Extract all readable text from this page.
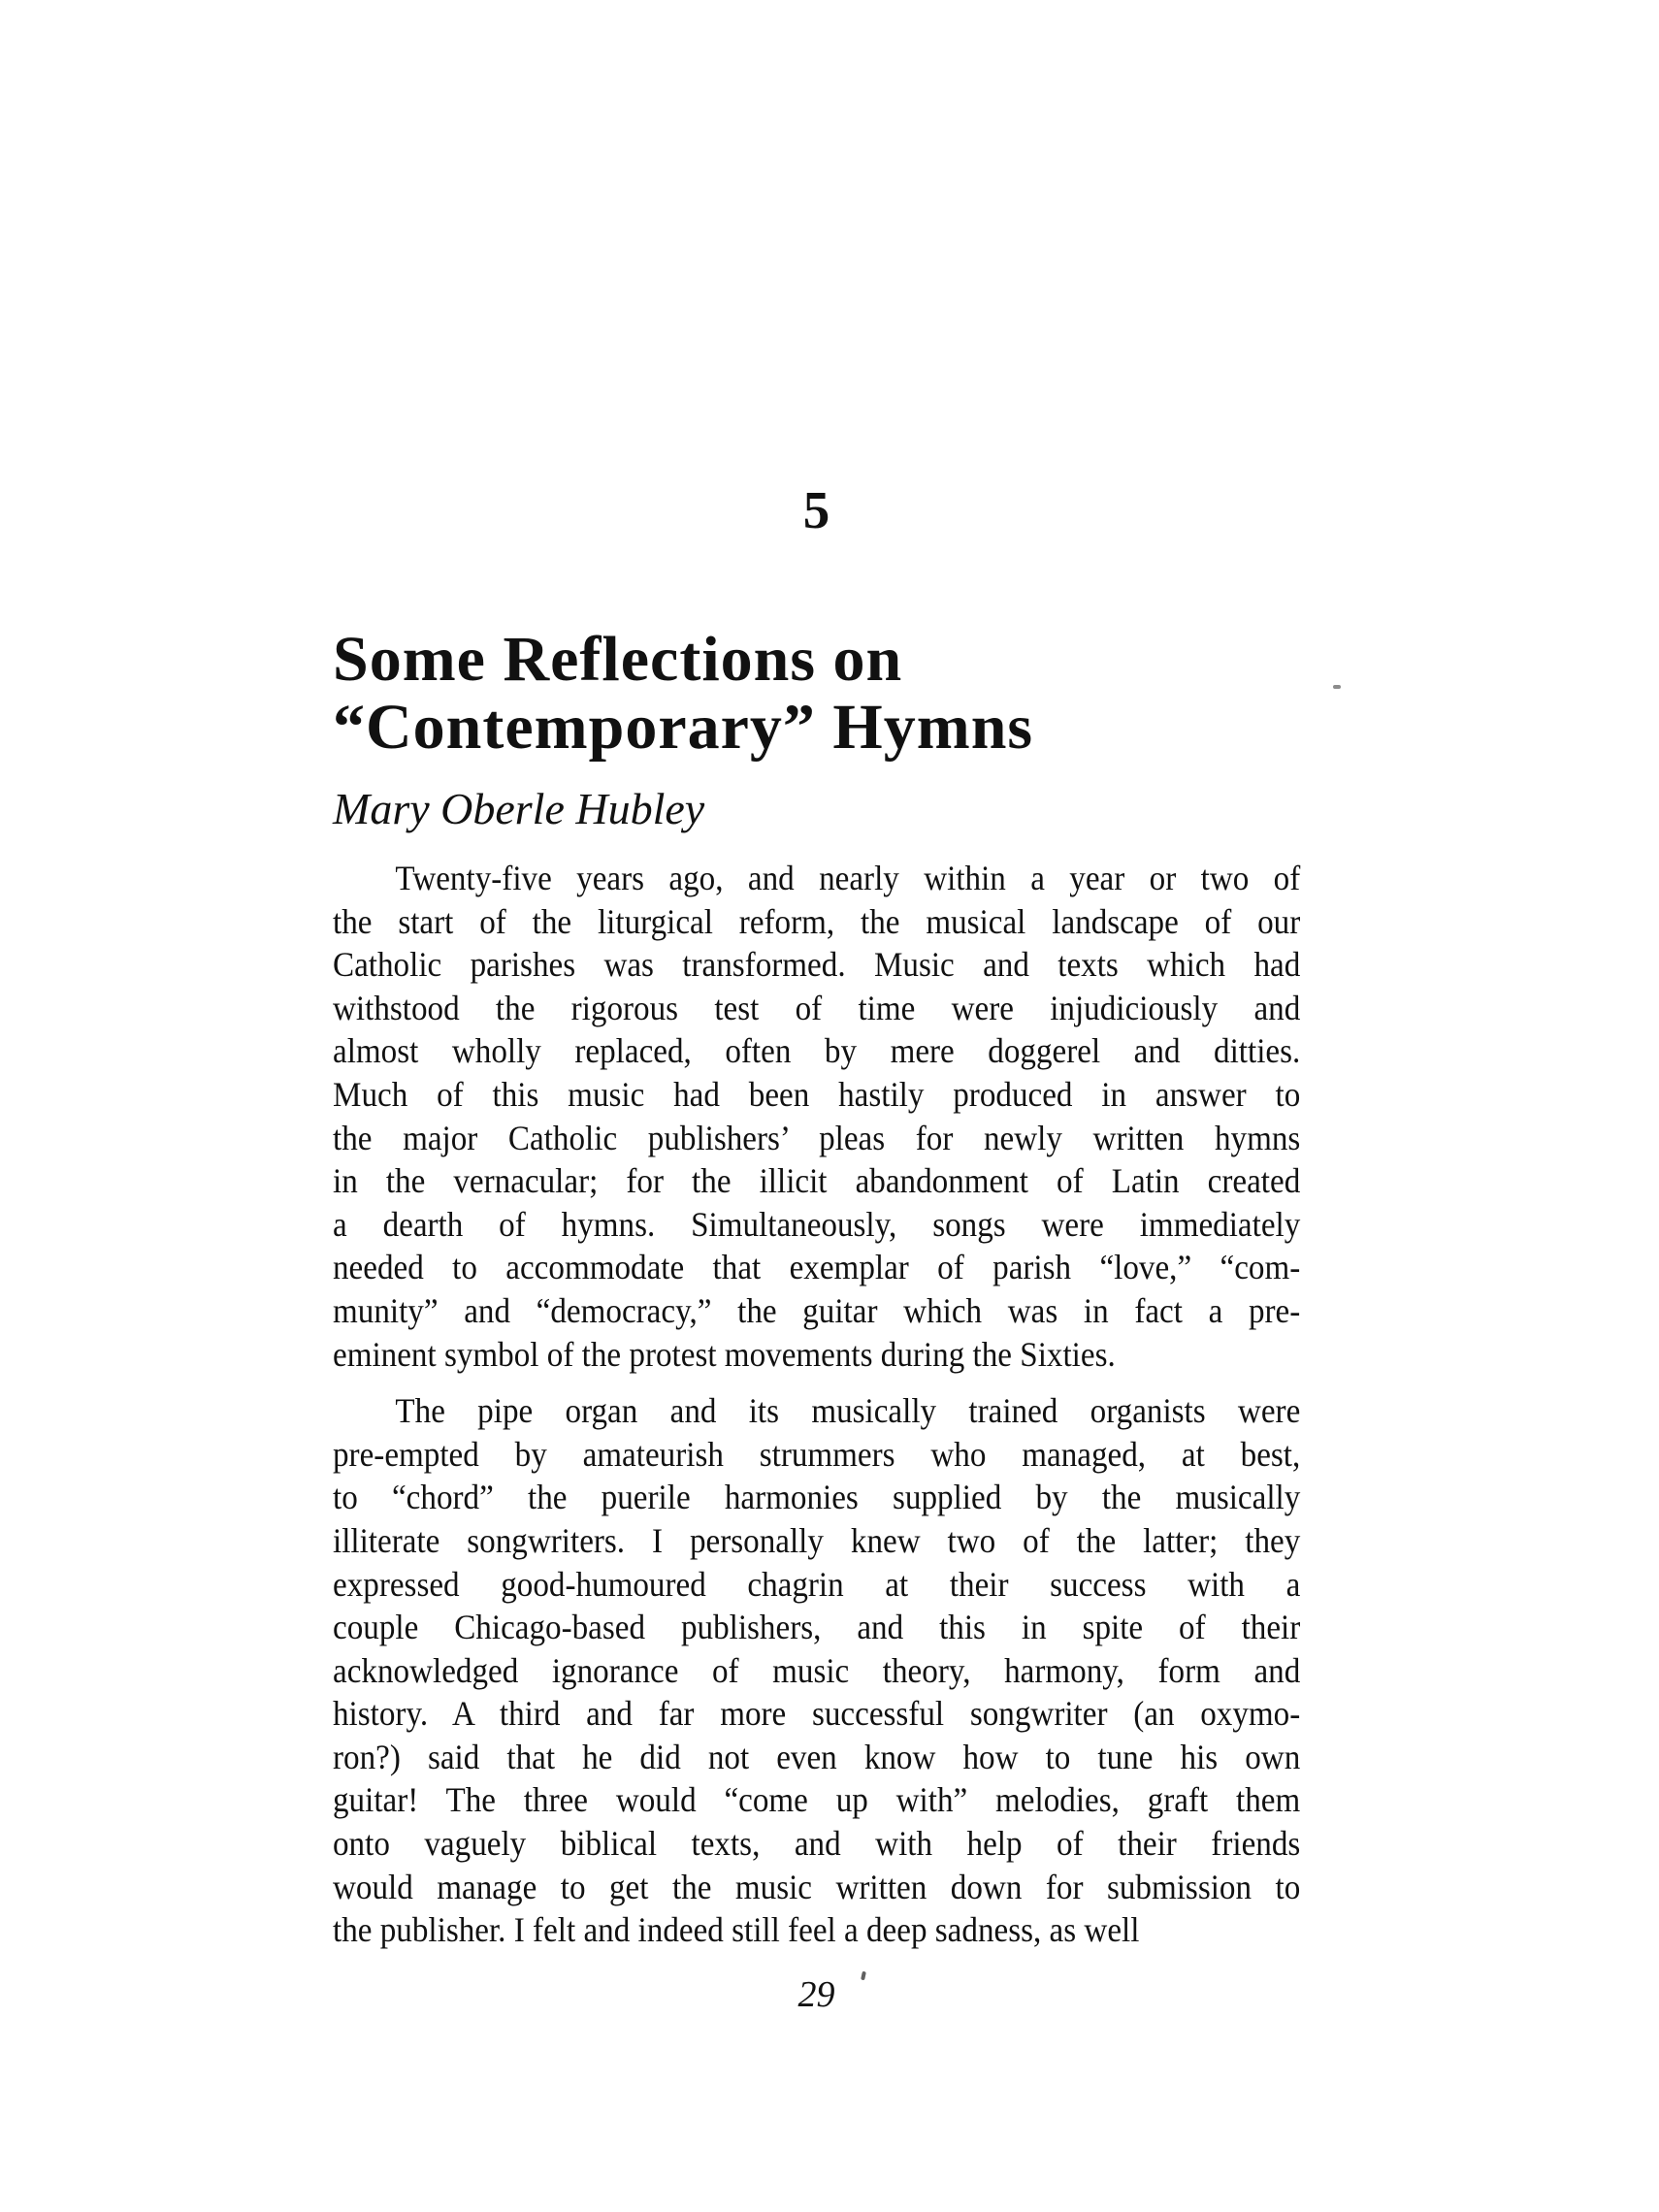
5
Some Reflections on
“Contemporary” Hymns
Mary Oberle Hubley
Twenty-five years ago, and nearly within a year or two of
the start of the liturgical reform, the musical landscape of our
Catholic parishes was transformed. Music and texts which had
withstood the rigorous test of time were injudiciously and
almost wholly replaced, often by mere doggerel and ditties.
Much of this music had been hastily produced in answer to
the major Catholic publishers’ pleas for newly written hymns
in the vernacular; for the illicit abandonment of Latin created
a dearth of hymns. Simultaneously, songs were immediately
needed to accommodate that exemplar of parish “love,” “com-
munity” and “democracy,” the guitar which was in fact a pre-
eminent symbol of the protest movements during the Sixties.
The pipe organ and its musically trained organists were
pre-empted by amateurish strummers who managed, at best,
to “chord” the puerile harmonies supplied by the musically
illiterate songwriters. I personally knew two of the latter; they
expressed good-humoured chagrin at their success with a
couple Chicago-based publishers, and this in spite of their
acknowledged ignorance of music theory, harmony, form and
history. A third and far more successful songwriter (an oxymo-
ron?) said that he did not even know how to tune his own
guitar! The three would “come up with” melodies, graft them
onto vaguely biblical texts, and with help of their friends
would manage to get the music written down for submission to
the publisher. I felt and indeed still feel a deep sadness, as well
29
